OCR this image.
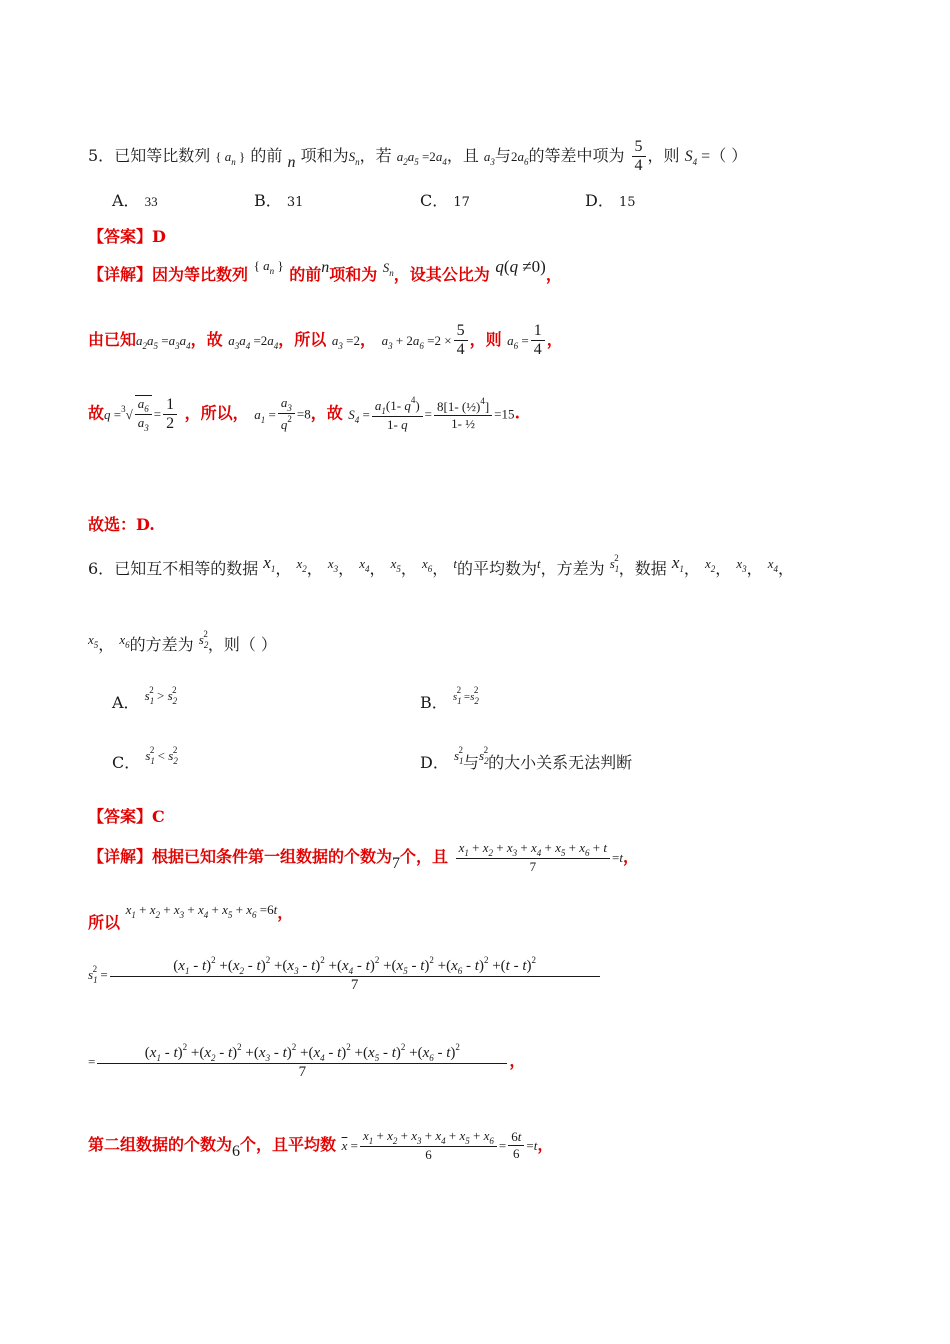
5．已知等比数列 { $a_n$ } 的前 n 项和为$S_n$，若 $a_2a_5 =2a_4$，且 $a_3$与$2a_6$的等差中项为 $\frac{5}{4}$ ，则 $S_4$ =（ ）
A． 33	B． 31	C． 17	D． 15
【答案】D
【详解】因为等比数列 $^{\{ a_n \}}$ 的前n项和为 $^{S_n}$，设其公比为 q(q ≠0)，
由已知$a_2a_5 =a_3a_4$，故 $a_3a_4 =2a_4$，所以 $a_3 =2$， $a_3 + 2a_6 =2 \times \frac{5}{4}$ ，则 $a_6 = \frac{1}{4}$ ，
故$q =^3√ \frac{a_6}{a_3} = \frac{1}{2}$ ，所以， $a_1 = \frac{a_3}{q^2} =8$，故 $S_4 = \frac{a_1(1- q^4)}{1- q} = \frac{8[1- (\frac{1}{2})^4]}{\text{1- ½}} =15$.
故选：D.
6．已知互不相等的数据 $x_1$， $^{x_2}$， $^{x_3}$， $^{x_4}$， $^{x_5}$， $^{x_6}$， $^t$的平均数为$^t$，方差为 $^{s_1^2}$，数据 $x_1$， $^{x_2}$， $^{x_3}$， $^{x_4}$，
$^{x_5}$， $^{x_6}$的方差为 $^{s_2^2}$，则（ ）
A． $^{s_1^2 > s_2^2}$
B． $^{s_1^2 =s_2^2}$
C． $^{s_1^2 < s_2^2}$
D． $^{s_1^2}$与$^{s_2^2}$的大小关系无法判断
【答案】C
【详解】根据已知条件第一组数据的个数为7个，且 $\frac{x_1 + x_2 + x_3 + x_4 + x_5 + x_6 + t}{7} =t$，
所以 $^{x_1 + x_2 + x_3 + x_4 + x_5 + x_6 =6t}$，
$s_1^2$ =
$(x_1 - t)^2 +(x_2 - t)^2 +(x_3 - t)^2 +(x_4 - t)^2 +(x_5 - t)^2 +(x_6 - t)^2 +(t - t)^2$
7
=
$(x_1 - t)^2 +(x_2 - t)^2 +(x_3 - t)^2 +(x_4 - t)^2 +(x_5 - t)^2 +(x_6 - t)^2$
7
，
第二组数据的个数为6个，且平均数 $\overline{x} = \frac{x_1 + x_2 + x_3 + x_4 + x_5 + x_6}{6} = \frac{6t}{6} =t$，
